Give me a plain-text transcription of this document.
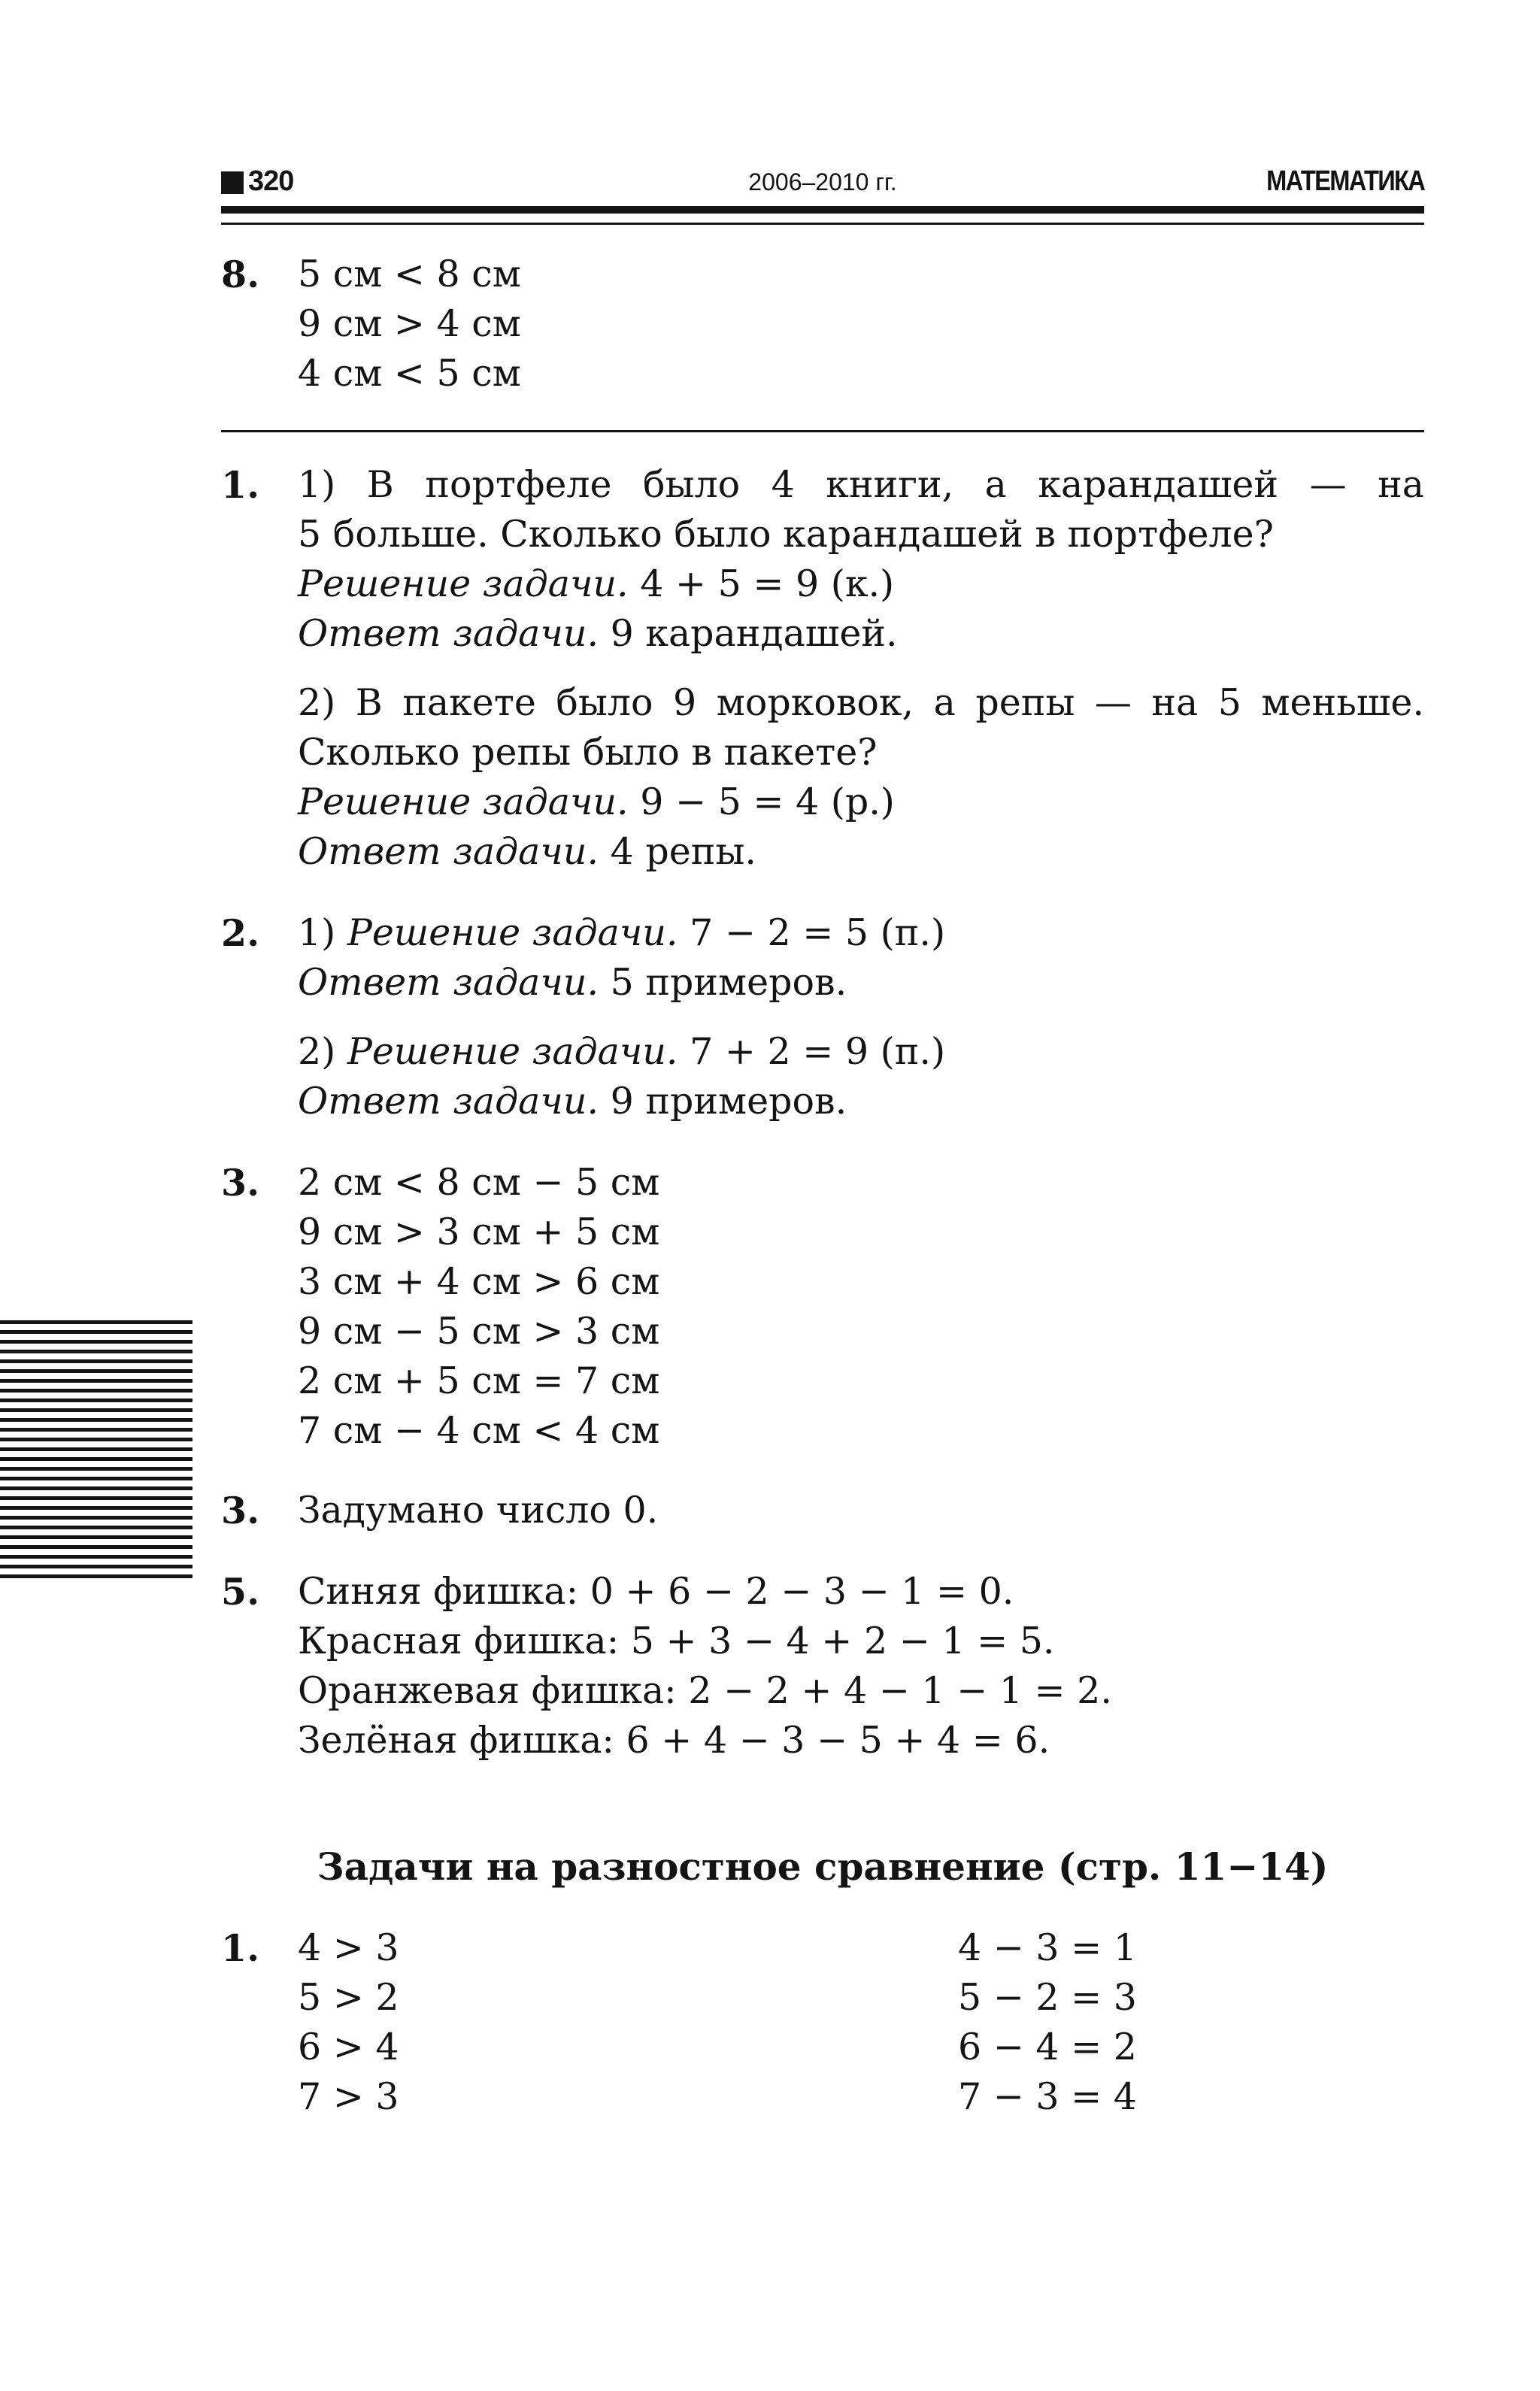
320	2006–2010 гг.	МАТЕМАТИКА
8. 5 см < 8 см
9 см > 4 см
4 см < 5 см
1. 1) В портфеле было 4 книги, а карандашей — на
5 больше. Сколько было карандашей в портфеле?
Решение задачи. 4 + 5 = 9 (к.)
Ответ задачи. 9 карандашей.
2) В пакете было 9 морковок, а репы — на 5 меньше.
Сколько репы было в пакете?
Решение задачи. 9 − 5 = 4 (р.)
Ответ задачи. 4 репы.
2. 1) Решение задачи. 7 − 2 = 5 (п.)
Ответ задачи. 5 примеров.
2) Решение задачи. 7 + 2 = 9 (п.)
Ответ задачи. 9 примеров.
3. 2 см < 8 см − 5 см
9 см > 3 см + 5 см
3 см + 4 см > 6 см
9 см − 5 см > 3 см
2 см + 5 см = 7 см
7 см − 4 см < 4 см
3. Задумано число 0.
5. Синяя фишка: 0 + 6 − 2 − 3 − 1 = 0.
Красная фишка: 5 + 3 − 4 + 2 − 1 = 5.
Оранжевая фишка: 2 − 2 + 4 − 1 − 1 = 2.
Зелёная фишка: 6 + 4 − 3 − 5 + 4 = 6.
Задачи на разностное сравнение (стр. 11−14)
1. 4 > 3
5 > 2
6 > 4
7 > 3
4 − 3 = 1
5 − 2 = 3
6 − 4 = 2
7 − 3 = 4
